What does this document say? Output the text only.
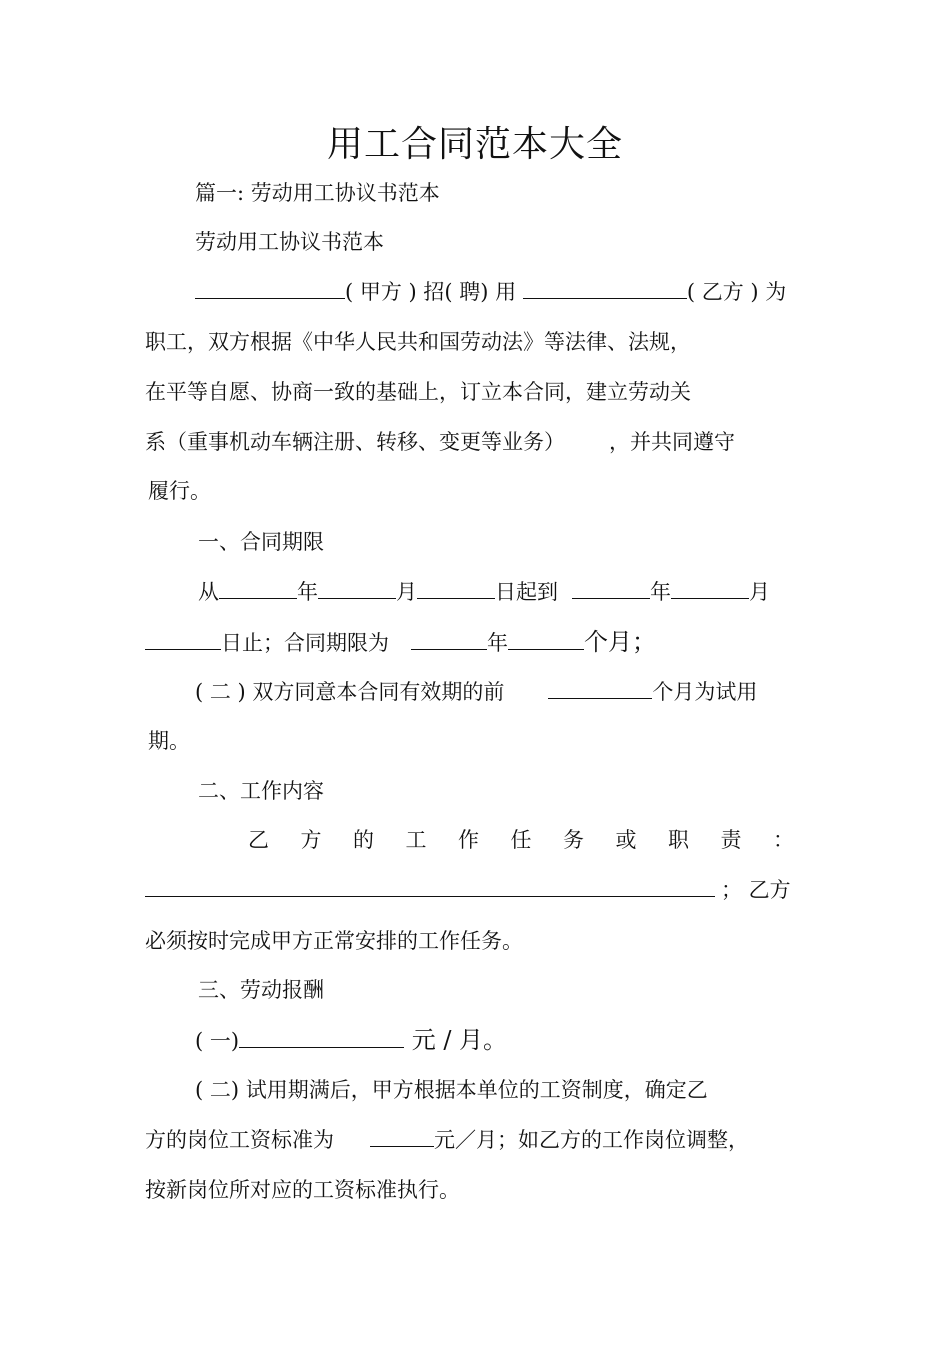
用工合同范本大全
篇一: 劳动用工协议书范本
劳动用工协议书范本
( 甲方 ) 招( 聘) 用	( 乙方 ) 为
职工，双方根据《中华人民共和国劳动法》等法律、法规，
在平等自愿、协商一致的基础上，订立本合同，建立劳动关
系（重事机动车辆注册、转移、变更等业务） ，并共同遵守
履行。
一、合同期限
从	年	月	日起到	年	月
日止；合同期限为	年	个月；
( 二 ) 双方同意本合同有效期的前	个月为试用
期。
二、工作内容
乙 方 的 工 作 任 务 或 职 责 ：
； 乙方
必须按时完成甲方正常安排的工作任务。
三、劳动报酬
( 一)	元 / 月。
( 二) 试用期满后，甲方根据本单位的工资制度，确定乙
方的岗位工资标准为	元／月；如乙方的工作岗位调整，
按新岗位所对应的工资标准执行。
